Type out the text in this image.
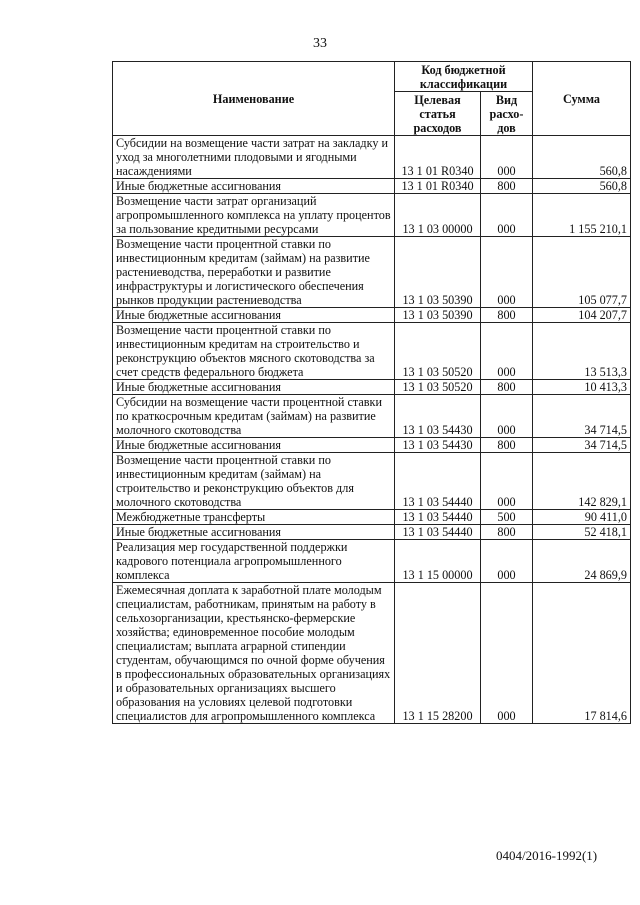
33
Наименование	Код бюджетной классификации		Сумма
	Целевая статья расходов	Вид расхо-дов	
Субсидии на возмещение части затрат на закладку и уход за многолетними плодовыми и ягодными насаждениями	13 1 01 R0340	000	560,8
Иные бюджетные ассигнования	13 1 01 R0340	800	560,8
Возмещение части затрат организаций агропромышленного комплекса на уплату процентов за пользование кредитными ресурсами	13 1 03 00000	000	1 155 210,1
Возмещение части процентной ставки по инвестиционным кредитам (займам) на развитие растениеводства, переработки и развитие инфраструктуры и логистического обеспечения рынков продукции растениеводства	13 1 03 50390	000	105 077,7
Иные бюджетные ассигнования	13 1 03 50390	800	104 207,7
Возмещение части процентной ставки по инвестиционным кредитам на строительство и реконструкцию объектов мясного скотоводства за счет средств федерального бюджета	13 1 03 50520	000	13 513,3
Иные бюджетные ассигнования	13 1 03 50520	800	10 413,3
Субсидии на возмещение части процентной ставки по краткосрочным кредитам (займам) на развитие молочного скотоводства	13 1 03 54430	000	34 714,5
Иные бюджетные ассигнования	13 1 03 54430	800	34 714,5
Возмещение части процентной ставки по инвестиционным кредитам (займам) на строительство и реконструкцию объектов для молочного скотоводства	13 1 03 54440	000	142 829,1
Межбюджетные трансферты	13 1 03 54440	500	90 411,0
Иные бюджетные ассигнования	13 1 03 54440	800	52 418,1
Реализация мер государственной поддержки кадрового потенциала агропромышленного комплекса	13 1 15 00000	000	24 869,9
Ежемесячная доплата к заработной плате молодым специалистам, работникам, принятым на работу в сельхозорганизации, крестьянско-фермерские хозяйства; единовременное пособие молодым специалистам; выплата аграрной стипендии студентам, обучающимся по очной форме обучения в профессиональных образовательных организациях и образовательных организациях высшего образования на условиях целевой подготовки специалистов для агропромышленного комплекса	13 1 15 28200	000	17 814,6
0404/2016-1992(1)
